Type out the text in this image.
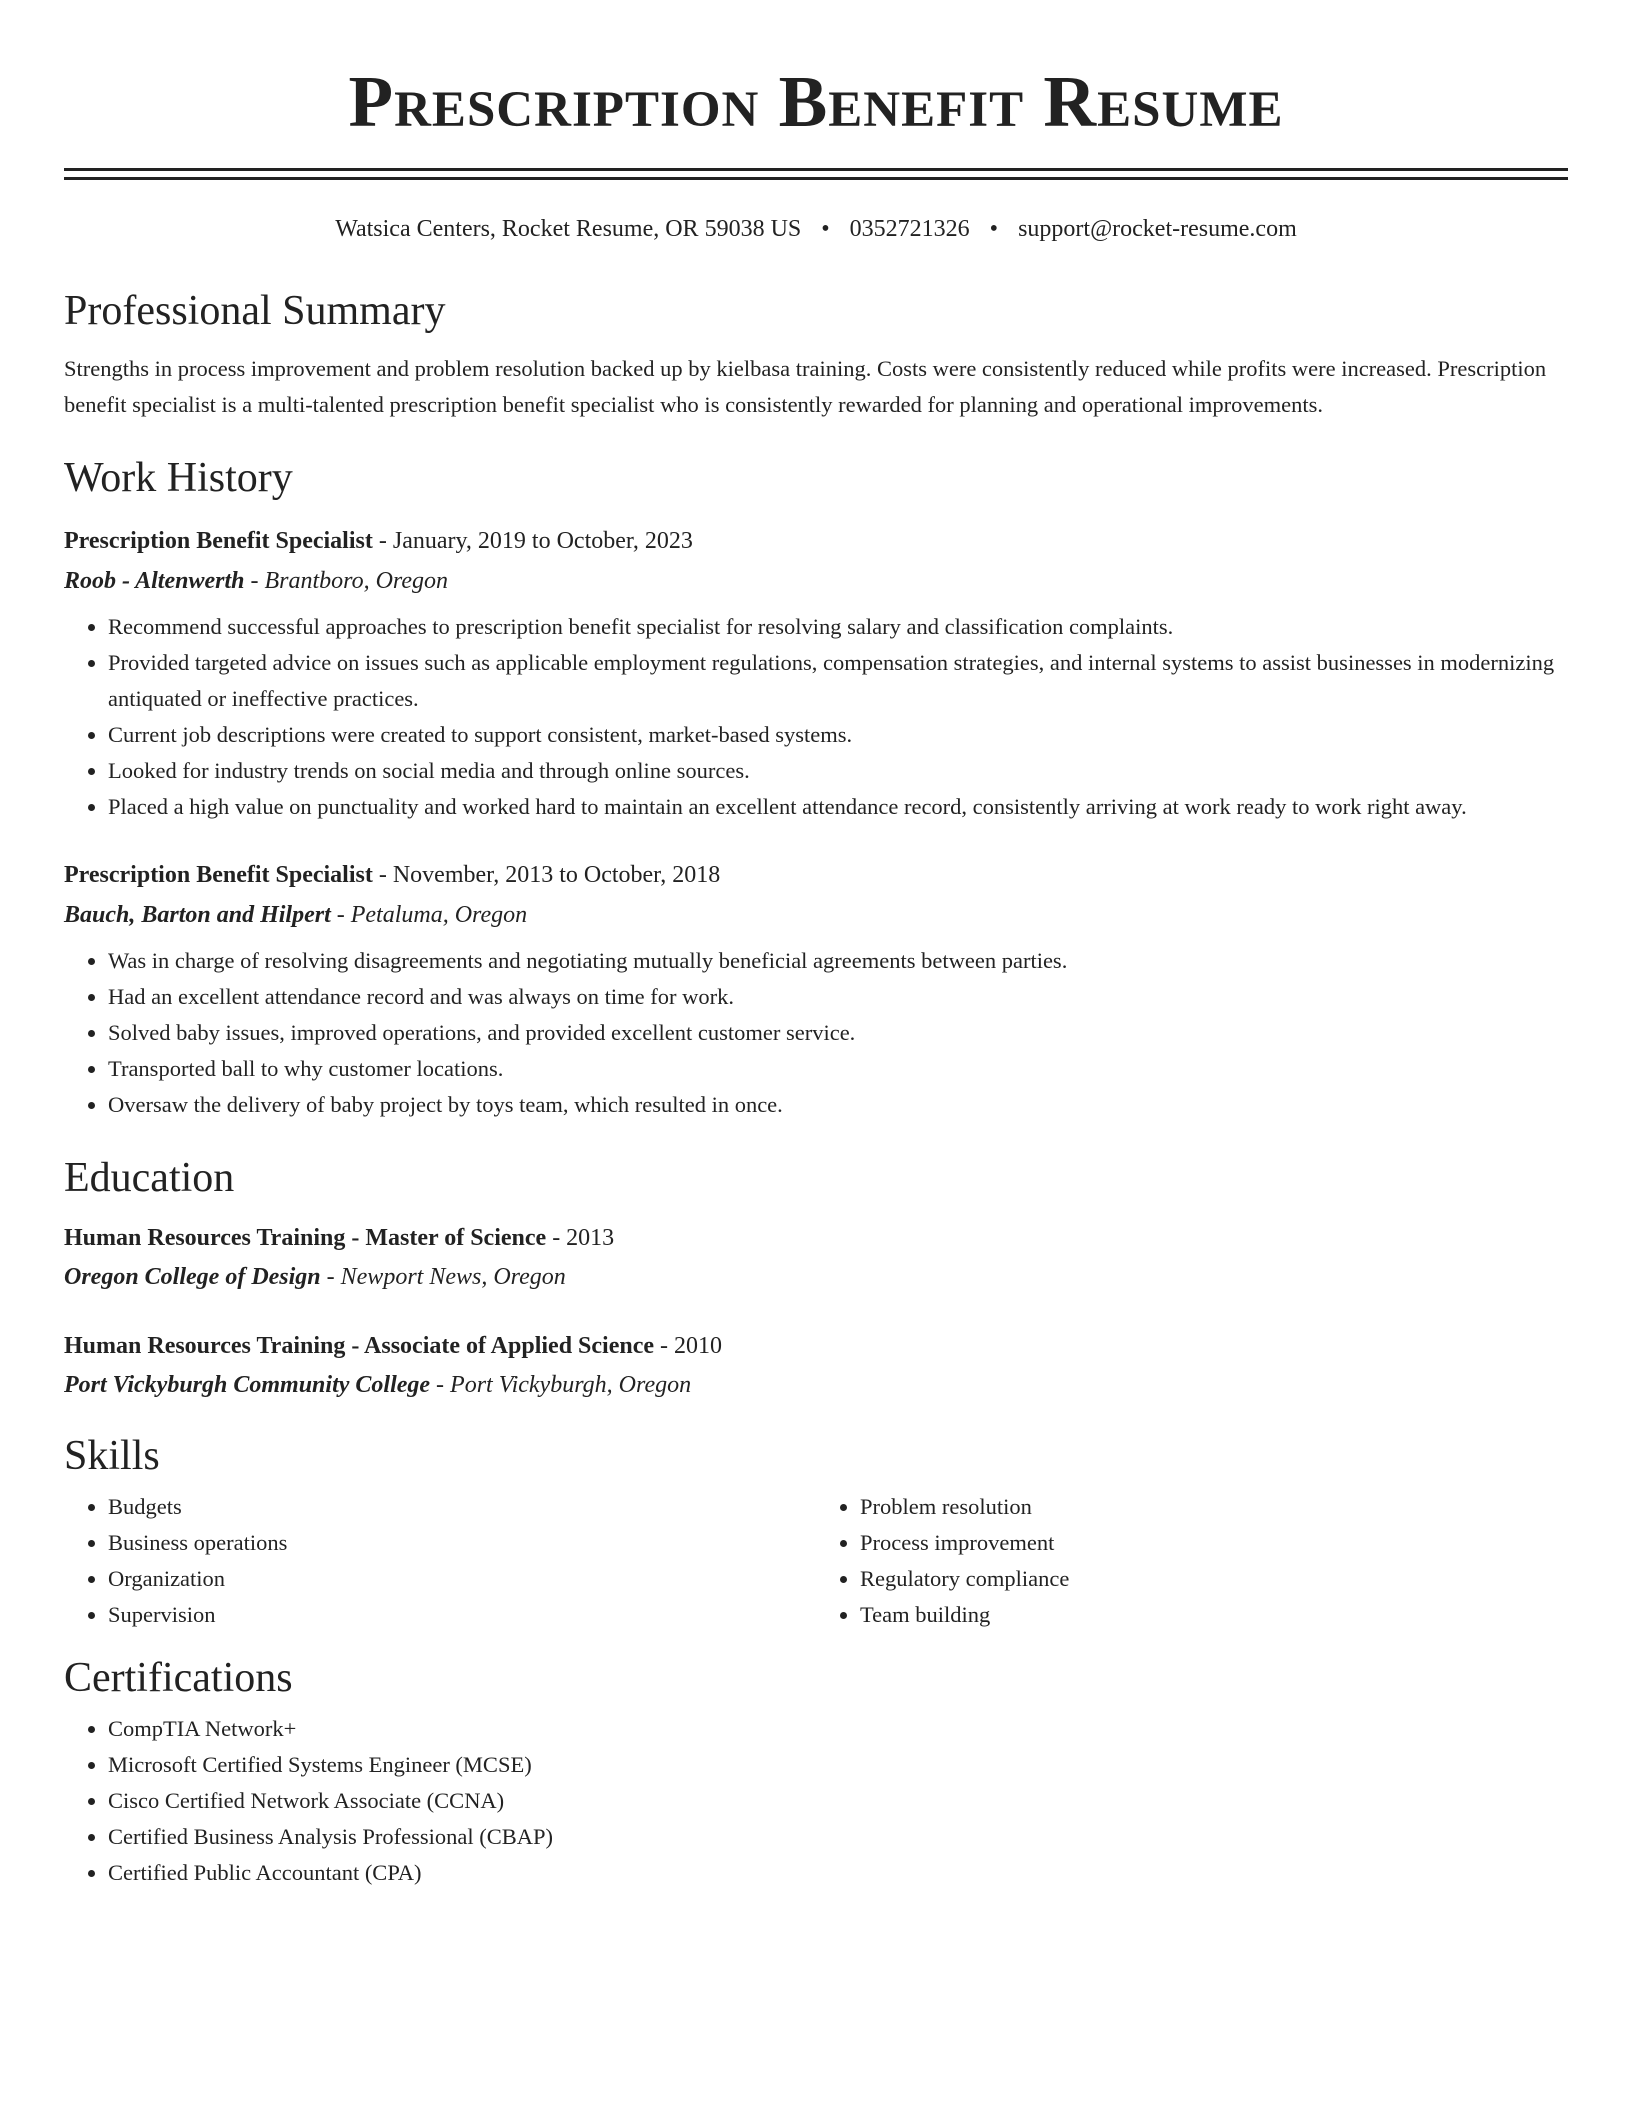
Prescription Benefit Resume
Watsica Centers, Rocket Resume, OR 59038 US • 0352721326 • support@rocket-resume.com
Professional Summary

Strengths in process improvement and problem resolution backed up by kielbasa training. Costs were consistently reduced while profits were increased. Prescription benefit specialist is a multi-talented prescription benefit specialist who is consistently rewarded for planning and operational improvements.

Work History

Prescription Benefit Specialist - January, 2019 to October, 2023

Roob - Altenwerth - Brantboro, Oregon

• Recommend successful approaches to prescription benefit specialist for resolving salary and classification complaints.
• Provided targeted advice on issues such as applicable employment regulations, compensation strategies, and internal systems to assist businesses in modernizing antiquated or ineffective practices.
• Current job descriptions were created to support consistent, market-based systems.
• Looked for industry trends on social media and through online sources.
• Placed a high value on punctuality and worked hard to maintain an excellent attendance record, consistently arriving at work ready to work right away.

Prescription Benefit Specialist - November, 2013 to October, 2018

Bauch, Barton and Hilpert - Petaluma, Oregon

• Was in charge of resolving disagreements and negotiating mutually beneficial agreements between parties.
• Had an excellent attendance record and was always on time for work.
• Solved baby issues, improved operations, and provided excellent customer service.
• Transported ball to why customer locations.
• Oversaw the delivery of baby project by toys team, which resulted in once.
Education

Human Resources Training - Master of Science - 2013

Oregon College of Design - Newport News, Oregon

Human Resources Training - Associate of Applied Science - 2010

Port Vickyburgh Community College - Port Vickyburgh, Oregon

Skills
• Budgets
• Business operations
• Organization
• Supervision
• Problem resolution
• Process improvement
• Regulatory compliance
• Team building
Certifications
• CompTIA Network+
• Microsoft Certified Systems Engineer (MCSE)
• Cisco Certified Network Associate (CCNA)
• Certified Business Analysis Professional (CBAP)
• Certified Public Accountant (CPA)
